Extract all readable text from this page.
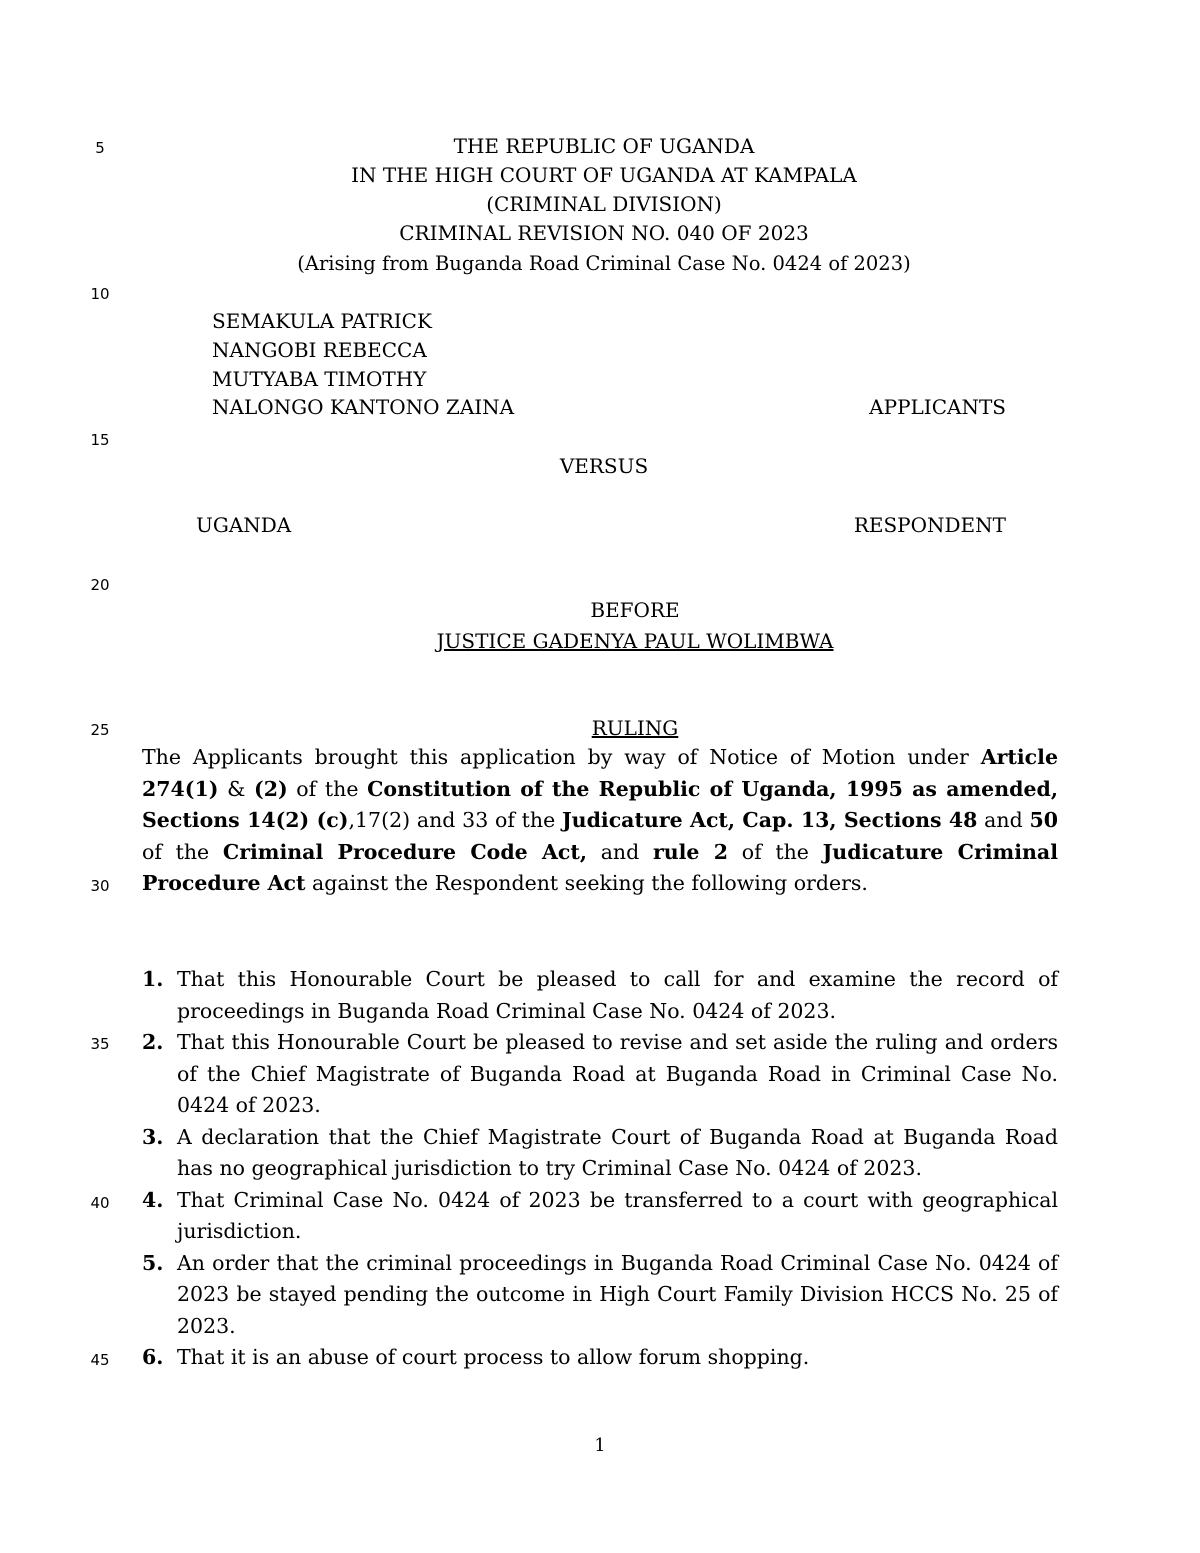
5
10
15
20
25
30
35
40
45
THE REPUBLIC OF UGANDA
IN THE HIGH COURT OF UGANDA AT KAMPALA
(CRIMINAL DIVISION)
CRIMINAL REVISION NO. 040 OF 2023
(Arising from Buganda Road Criminal Case No. 0424 of 2023)
SEMAKULA PATRICK
NANGOBI REBECCA
MUTYABA TIMOTHY
NALONGO KANTONO ZAINA	APPLICANTS
VERSUS
UGANDA	RESPONDENT
BEFORE
JUSTICE GADENYA PAUL WOLIMBWA
RULING
The Applicants brought this application by way of Notice of Motion under Article 274(1) & (2) of the Constitution of the Republic of Uganda, 1995 as amended, Sections 14(2) (c),17(2) and 33 of the Judicature Act, Cap. 13, Sections 48 and 50 of the Criminal Procedure Code Act, and rule 2 of the Judicature Criminal Procedure Act against the Respondent seeking the following orders.
1. That this Honourable Court be pleased to call for and examine the record of proceedings in Buganda Road Criminal Case No. 0424 of 2023.
2. That this Honourable Court be pleased to revise and set aside the ruling and orders of the Chief Magistrate of Buganda Road at Buganda Road in Criminal Case No. 0424 of 2023.
3. A declaration that the Chief Magistrate Court of Buganda Road at Buganda Road has no geographical jurisdiction to try Criminal Case No. 0424 of 2023.
4. That Criminal Case No. 0424 of 2023 be transferred to a court with geographical jurisdiction.
5. An order that the criminal proceedings in Buganda Road Criminal Case No. 0424 of 2023 be stayed pending the outcome in High Court Family Division HCCS No. 25 of 2023.
6. That it is an abuse of court process to allow forum shopping.
1
